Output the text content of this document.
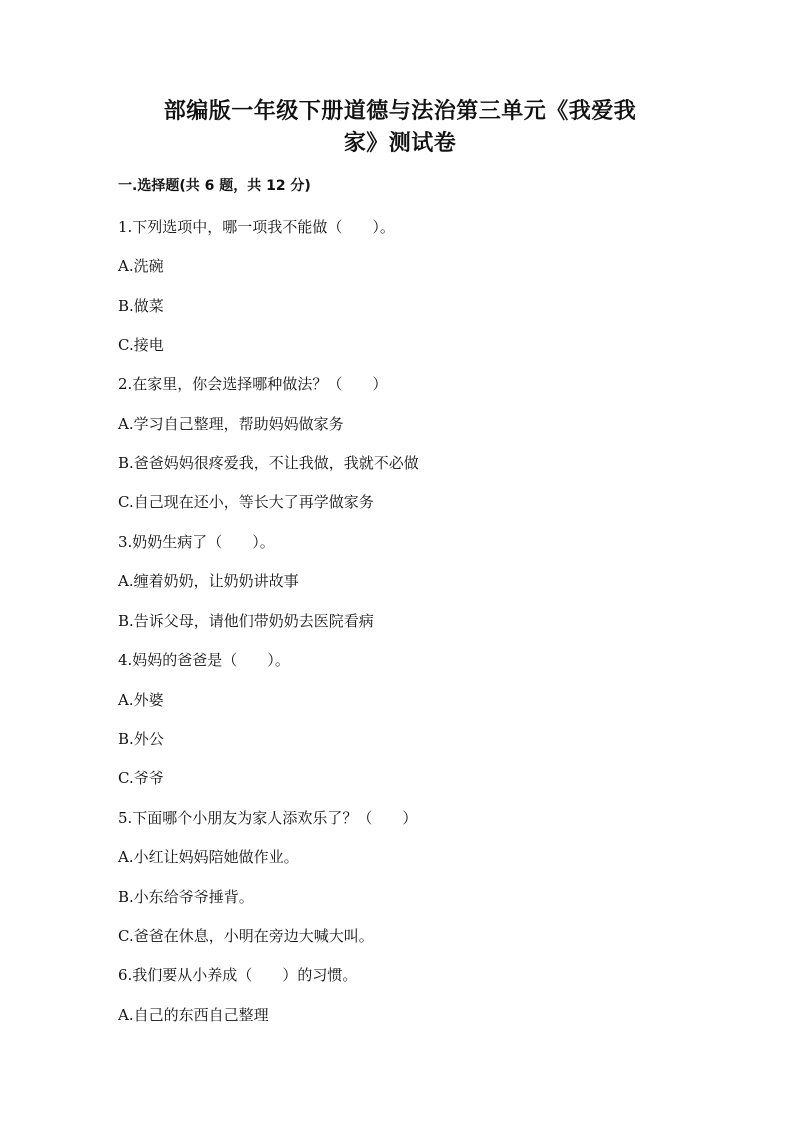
部编版一年级下册道德与法治第三单元《我爱我
家》测试卷
一.选择题(共 6 题，共 12 分)
1.下列选项中，哪一项我不能做（　　）。
A.洗碗
B.做菜
C.接电
2.在家里，你会选择哪种做法？（　　）
A.学习自己整理，帮助妈妈做家务
B.爸爸妈妈很疼爱我，不让我做，我就不必做
C.自己现在还小，等长大了再学做家务
3.奶奶生病了（　　）。
A.缠着奶奶，让奶奶讲故事
B.告诉父母，请他们带奶奶去医院看病
4.妈妈的爸爸是（　　）。
A.外婆
B.外公
C.爷爷
5.下面哪个小朋友为家人添欢乐了？（　　）
A.小红让妈妈陪她做作业。
B.小东给爷爷捶背。
C.爸爸在休息，小明在旁边大喊大叫。
6.我们要从小养成（　　）的习惯。
A.自己的东西自己整理
